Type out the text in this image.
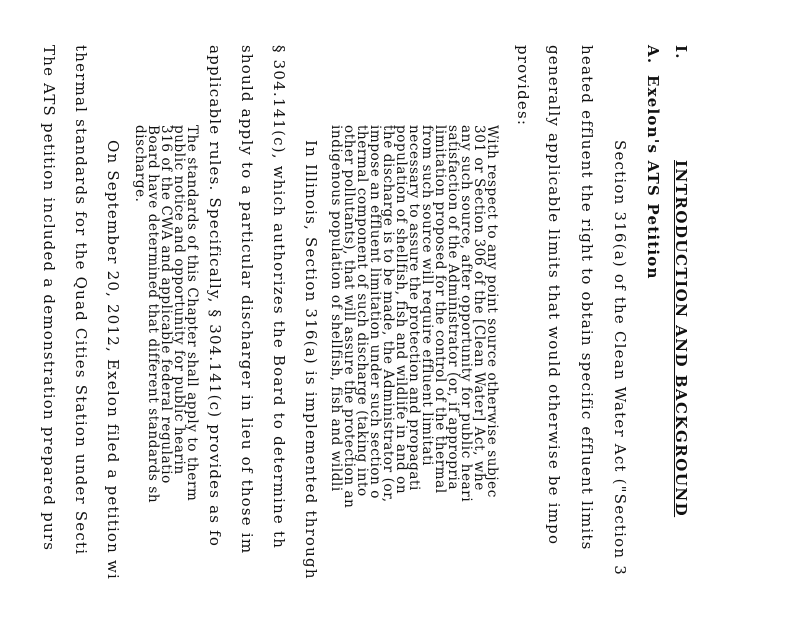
I.
INTRODUCTION AND BACKGROUND
A.
Exelon's ATS Petition
Section 316(a) of the Clean Water Act ("Section 3
heated effluent the right to obtain specific effluent limits
generally applicable limits that would otherwise be impo
provides:
With respect to any point source otherwise subjec
301 or Section 306 of the [Clean Water] Act, whe
any such source, after opportunity for public heari
satisfaction of the Administrator (or, if appropria
limitation proposed for the control of the thermal
from such source will require effluent limitati
necessary to assure the protection and propagati
population of shellfish, fish and wildlife in and on
the discharge is to be made, the Administrator (or,
impose an effluent limitation under such section o
thermal component of such discharge (taking into
other pollutants), that will assure the protection an
indigenous population of shellfish, fish and wildli
In Illinois, Section 316(a) is implemented through
§ 304.141(c), which authorizes the Board to determine th
should apply to a particular discharger in lieu of those im
applicable rules. Specifically, § 304.141(c) provides as fo
The standards of this Chapter shall apply to therm
public notice and opportunity for public hearin
316 of the CWA and applicable federal regulatio
Board have determined that different standards sh
discharge.
On September 20, 2012, Exelon filed a petition wi
thermal standards for the Quad Cities Station under Secti
The ATS petition included a demonstration prepared purs
